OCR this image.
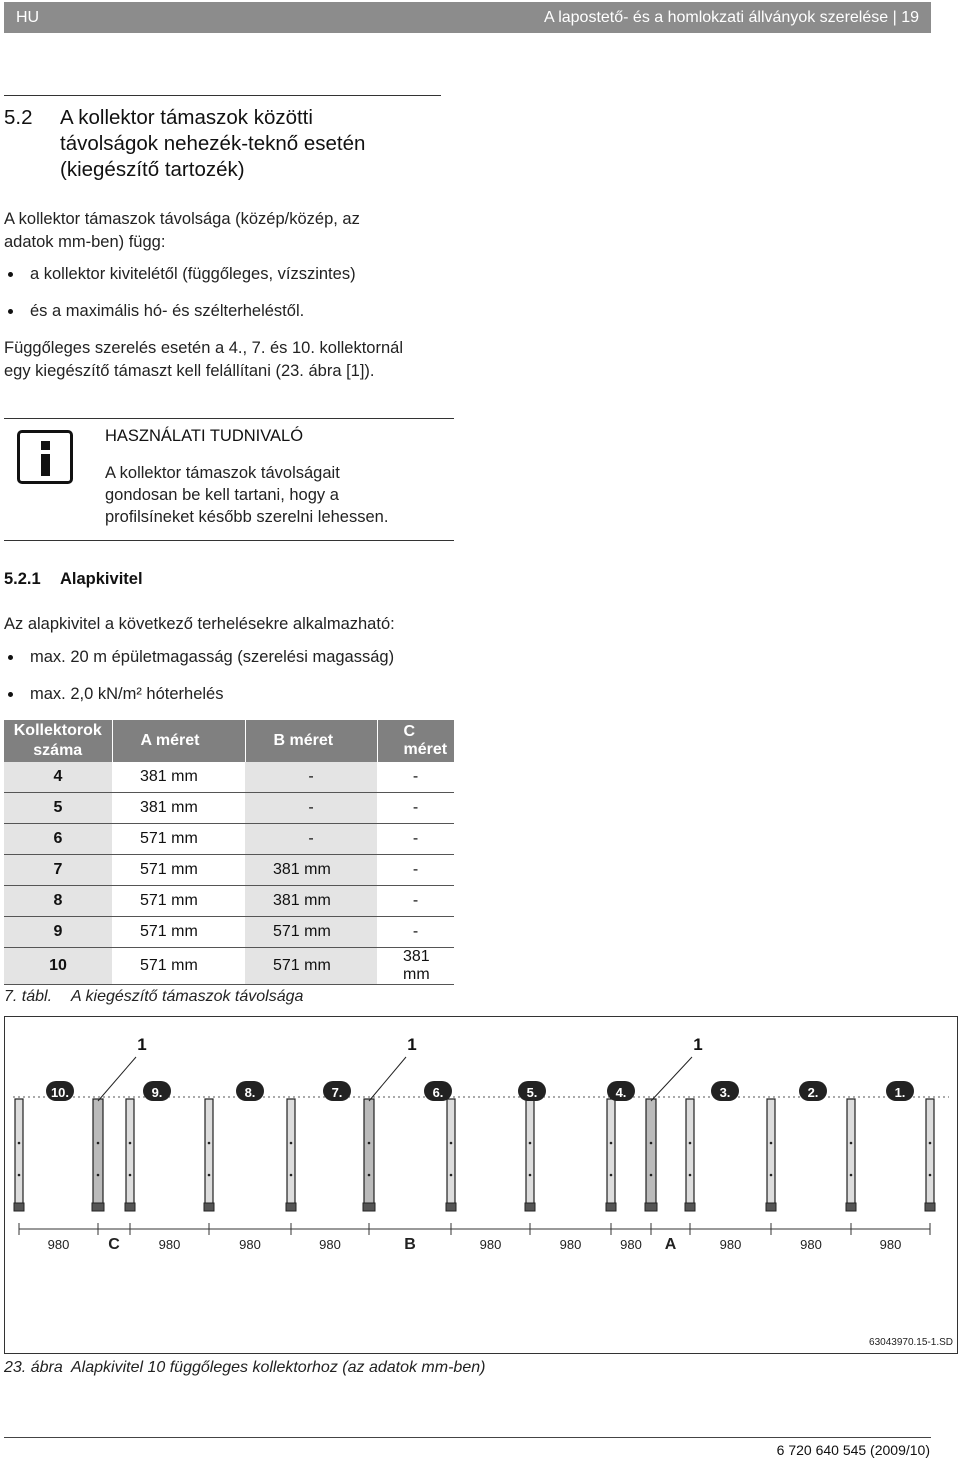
HU	A lapostető- és a homlokzati állványok szerelése | 19
5.2 A kollektor támaszok közötti
távolságok nehezék-teknő esetén
(kiegészítő tartozék)
A kollektor támaszok távolsága (közép/közép, az
adatok mm-ben) függ:
a kollektor kivitelétől (függőleges, vízszintes)
és a maximális hó- és szélterheléstől.
Függőleges szerelés esetén a 4., 7. és 10. kollektornál
egy kiegészítő támaszt kell felállítani (23. ábra [1]).
HASZNÁLATI TUDNIVALÓ
A kollektor támaszok távolságait
gondosan be kell tartani, hogy a
profilsíneket később szerelni lehessen.
5.2.1 Alapkivitel
Az alapkivitel a következő terhelésekre alkalmazható:
max. 20 m épületmagasság (szerelési magasság)
max. 2,0 kN/m² hóterhelés
Kollektorok
száma	A méret	B méret	C méret
4	381 mm	-	-
5	381 mm	-	-
6	571 mm	-	-
7	571 mm	381 mm	-
8	571 mm	381 mm	-
9	571 mm	571 mm	-
10	571 mm	571 mm	381 mm
7. tábl. A kiegészítő támaszok távolsága
10.	9.	8.	7.	6.	5.	4.	3.	2.	1.
1	1	1
980 C	980	980	980	B	980	980	980 A	980	980	980
63043970.15-1.SD
23. ábra Alapkivitel 10 függőleges kollektorhoz (az adatok mm-ben)
6 720 640 545 (2009/10)
